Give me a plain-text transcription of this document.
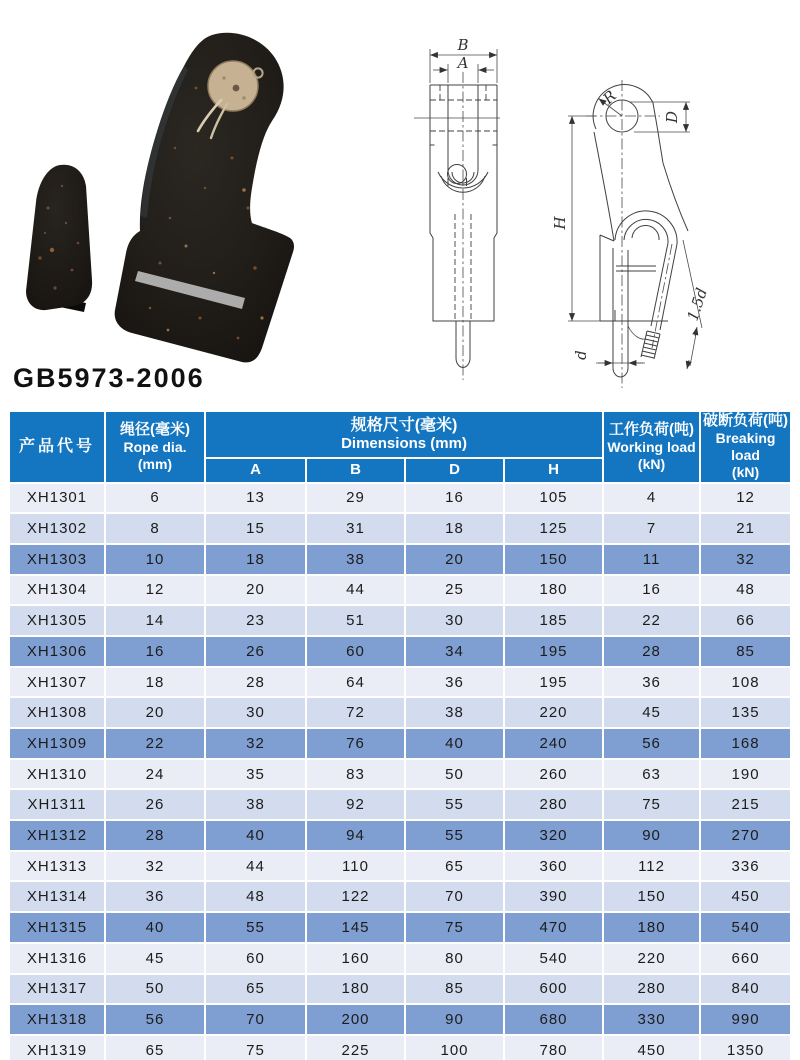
B
A
H
R
D
1.5d
d
GB5973-2006
产品代号	
绳径(毫米)
Rope dia.
(mm)

规格尺寸(毫米)
Dimensions (mm)

工作负荷(吨)
Working load
(kN)

破断负荷(吨)
Breaking load
(kN)

		A	B	D	H		
XH1301	6	13	29	16	105	4	12
XH1302	8	15	31	18	125	7	21
XH1303	10	18	38	20	150	11	32
XH1304	12	20	44	25	180	16	48
XH1305	14	23	51	30	185	22	66
XH1306	16	26	60	34	195	28	85
XH1307	18	28	64	36	195	36	108
XH1308	20	30	72	38	220	45	135
XH1309	22	32	76	40	240	56	168
XH1310	24	35	83	50	260	63	190
XH1311	26	38	92	55	280	75	215
XH1312	28	40	94	55	320	90	270
XH1313	32	44	110	65	360	112	336
XH1314	36	48	122	70	390	150	450
XH1315	40	55	145	75	470	180	540
XH1316	45	60	160	80	540	220	660
XH1317	50	65	180	85	600	280	840
XH1318	56	70	200	90	680	330	990
XH1319	65	75	225	100	780	450	1350
